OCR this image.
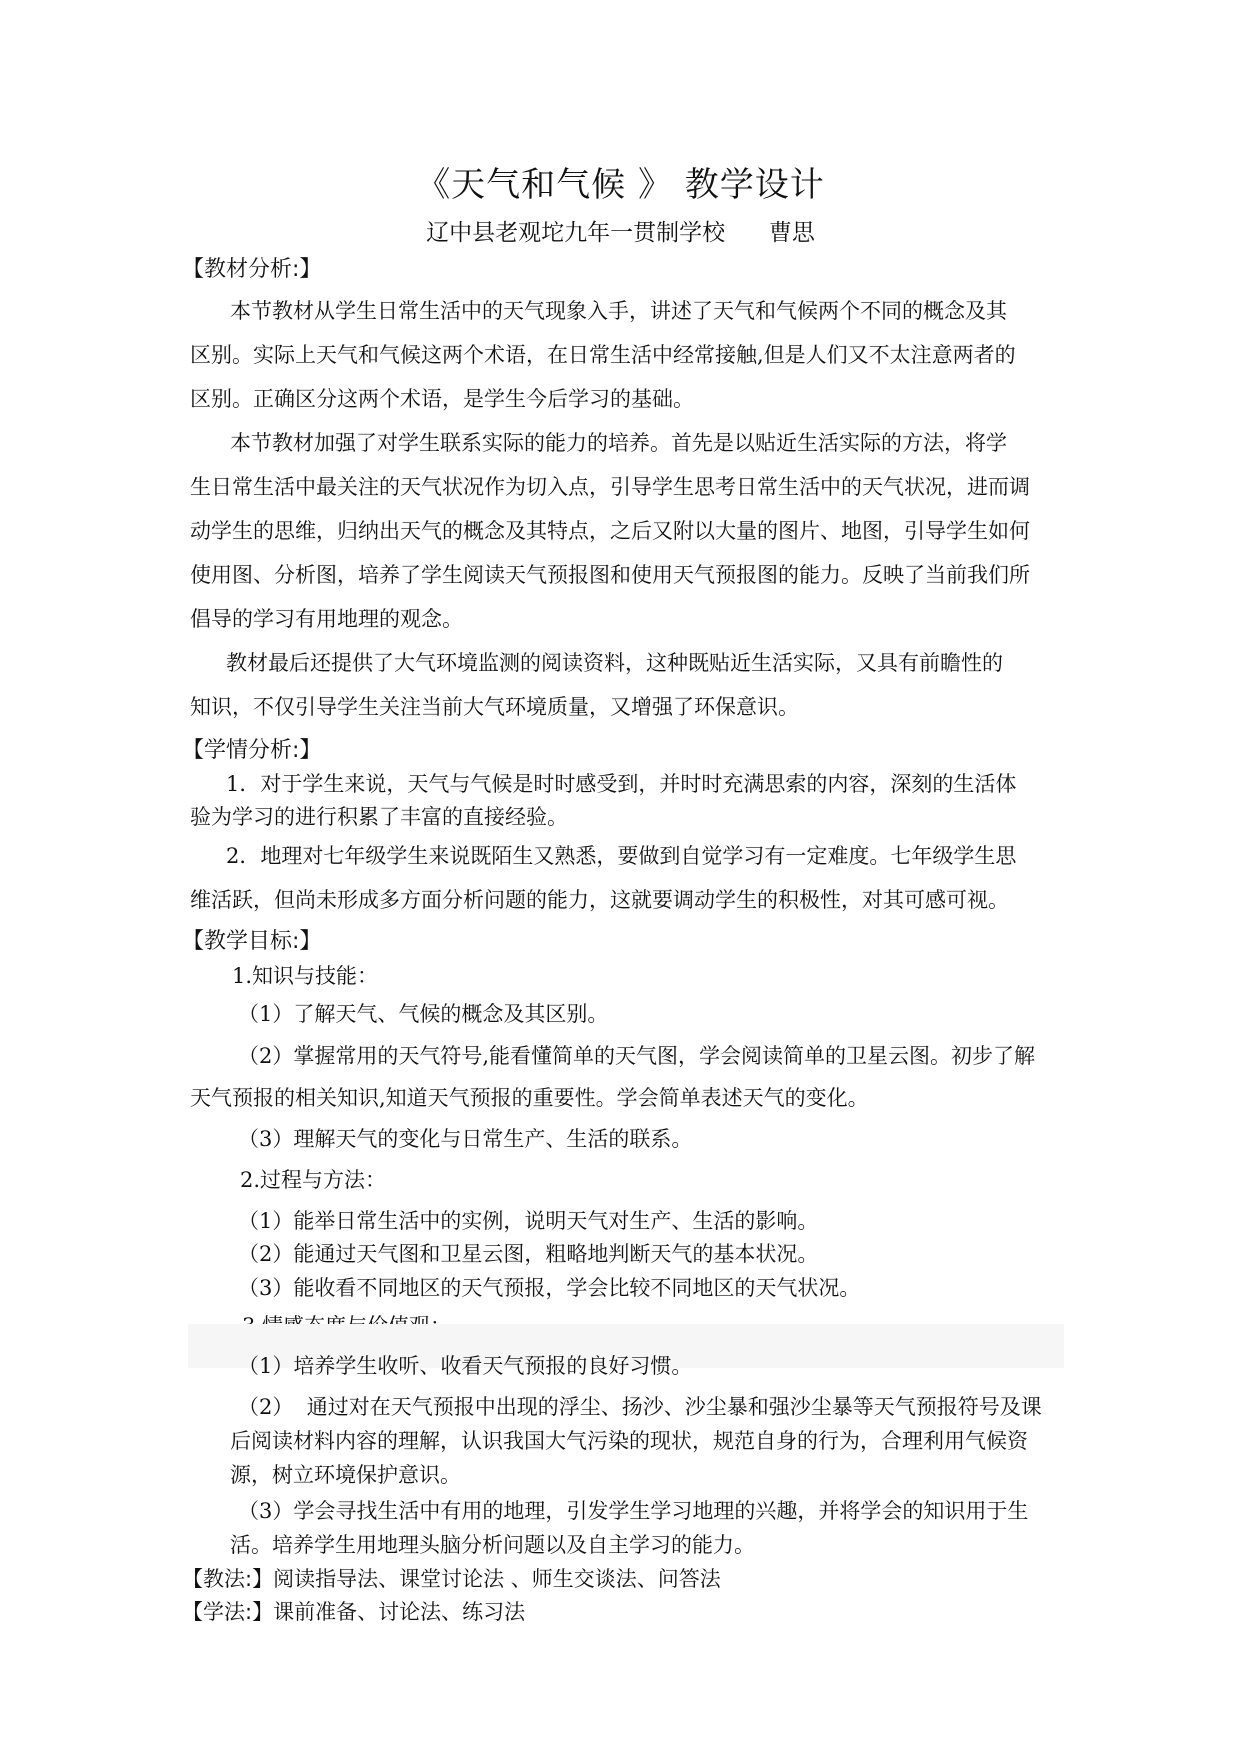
《天气和气候 》 教学设计
辽中县老观坨九年一贯制学校      曹思
【教材分析:】
本节教材从学生日常生活中的天气现象入手，讲述了天气和气候两个不同的概念及其
区别。实际上天气和气候这两个术语，在日常生活中经常接触,但是人们又不太注意两者的
区别。正确区分这两个术语，是学生今后学习的基础。
本节教材加强了对学生联系实际的能力的培养。首先是以贴近生活实际的方法，将学
生日常生活中最关注的天气状况作为切入点，引导学生思考日常生活中的天气状况，进而调
动学生的思维，归纳出天气的概念及其特点，之后又附以大量的图片、地图，引导学生如何
使用图、分析图，培养了学生阅读天气预报图和使用天气预报图的能力。反映了当前我们所
倡导的学习有用地理的观念。
教材最后还提供了大气环境监测的阅读资料，这种既贴近生活实际，又具有前瞻性的
知识，不仅引导学生关注当前大气环境质量，又增强了环保意识。
【学情分析:】
1．对于学生来说，天气与气候是时时感受到，并时时充满思索的内容，深刻的生活体
验为学习的进行积累了丰富的直接经验。
2．地理对七年级学生来说既陌生又熟悉，要做到自觉学习有一定难度。七年级学生思
维活跃，但尚未形成多方面分析问题的能力，这就要调动学生的积极性，对其可感可视。
【教学目标:】
1.知识与技能：
（1）了解天气、气候的概念及其区别。
（2）掌握常用的天气符号,能看懂简单的天气图，学会阅读简单的卫星云图。初步了解
天气预报的相关知识,知道天气预报的重要性。学会简单表述天气的变化。
（3）理解天气的变化与日常生产、生活的联系。
2.过程与方法：
（1）能举日常生活中的实例，说明天气对生产、生活的影响。
（2）能通过天气图和卫星云图，粗略地判断天气的基本状况。
（3）能收看不同地区的天气预报，学会比较不同地区的天气状况。
（1）培养学生收听、收看天气预报的良好习惯。
（2）  通过对在天气预报中出现的浮尘、扬沙、沙尘暴和强沙尘暴等天气预报符号及课
后阅读材料内容的理解，认识我国大气污染的现状，规范自身的行为，合理利用气候资
源，树立环境保护意识。
（3）学会寻找生活中有用的地理，引发学生学习地理的兴趣，并将学会的知识用于生
活。培养学生用地理头脑分析问题以及自主学习的能力。
【教法:】阅读指导法、课堂讨论法 、师生交谈法、问答法
【学法:】课前准备、讨论法、练习法
